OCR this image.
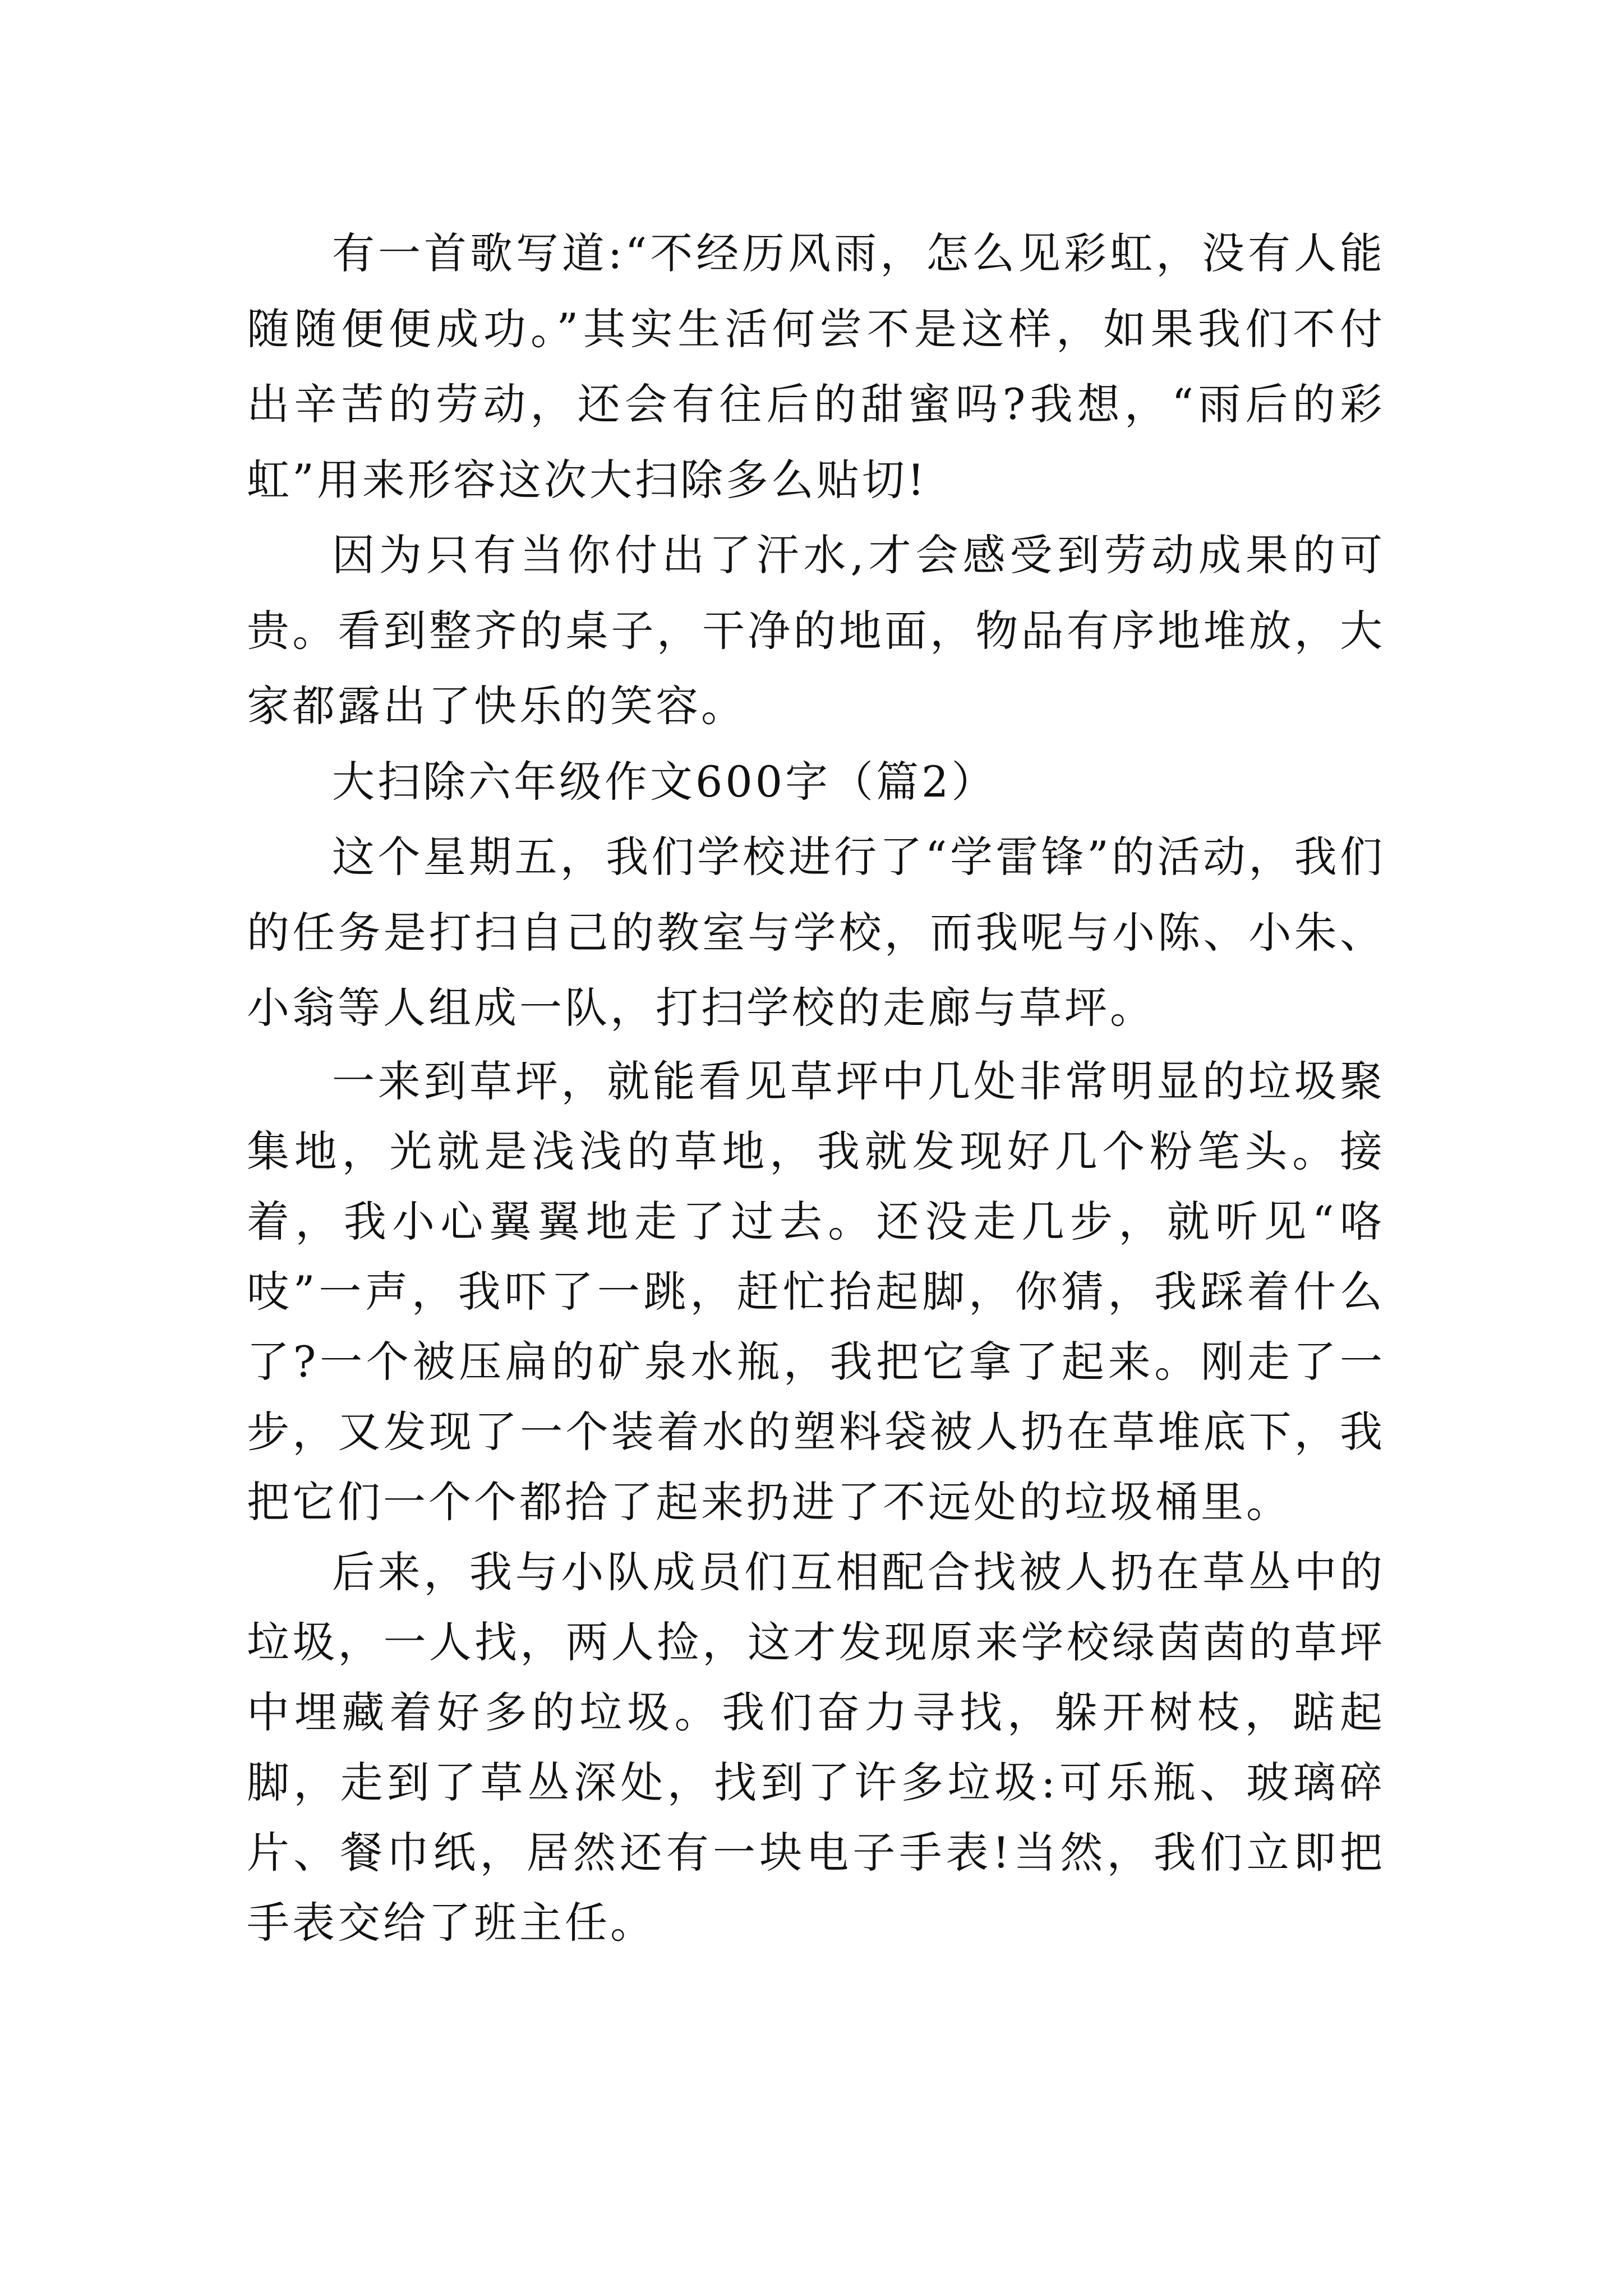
有一首歌写道:“不经历风雨，怎么见彩虹，没有人能随随便便成功。”其实生活何尝不是这样，如果我们不付出辛苦的劳动，还会有往后的甜蜜吗?我想，“雨后的彩虹”用来形容这次大扫除多么贴切!

因为只有当你付出了汗水,才会感受到劳动成果的可贵。看到整齐的桌子，干净的地面，物品有序地堆放，大家都露出了快乐的笑容。

大扫除六年级作文600字（篇2）

这个星期五，我们学校进行了“学雷锋”的活动，我们的任务是打扫自己的教室与学校，而我呢与小陈、小朱、小翁等人组成一队，打扫学校的走廊与草坪。

一来到草坪，就能看见草坪中几处非常明显的垃圾聚集地，光就是浅浅的草地，我就发现好几个粉笔头。接着，我小心翼翼地走了过去。还没走几步，就听见“咯吱”一声，我吓了一跳，赶忙抬起脚，你猜，我踩着什么了?一个被压扁的矿泉水瓶，我把它拿了起来。刚走了一步，又发现了一个装着水的塑料袋被人扔在草堆底下，我把它们一个个都拾了起来扔进了不远处的垃圾桶里。

后来，我与小队成员们互相配合找被人扔在草丛中的垃圾，一人找，两人捡，这才发现原来学校绿茵茵的草坪中埋藏着好多的垃圾。我们奋力寻找，躲开树枝，踮起脚，走到了草丛深处，找到了许多垃圾:可乐瓶、玻璃碎片、餐巾纸，居然还有一块电子手表!当然，我们立即把手表交给了班主任。
